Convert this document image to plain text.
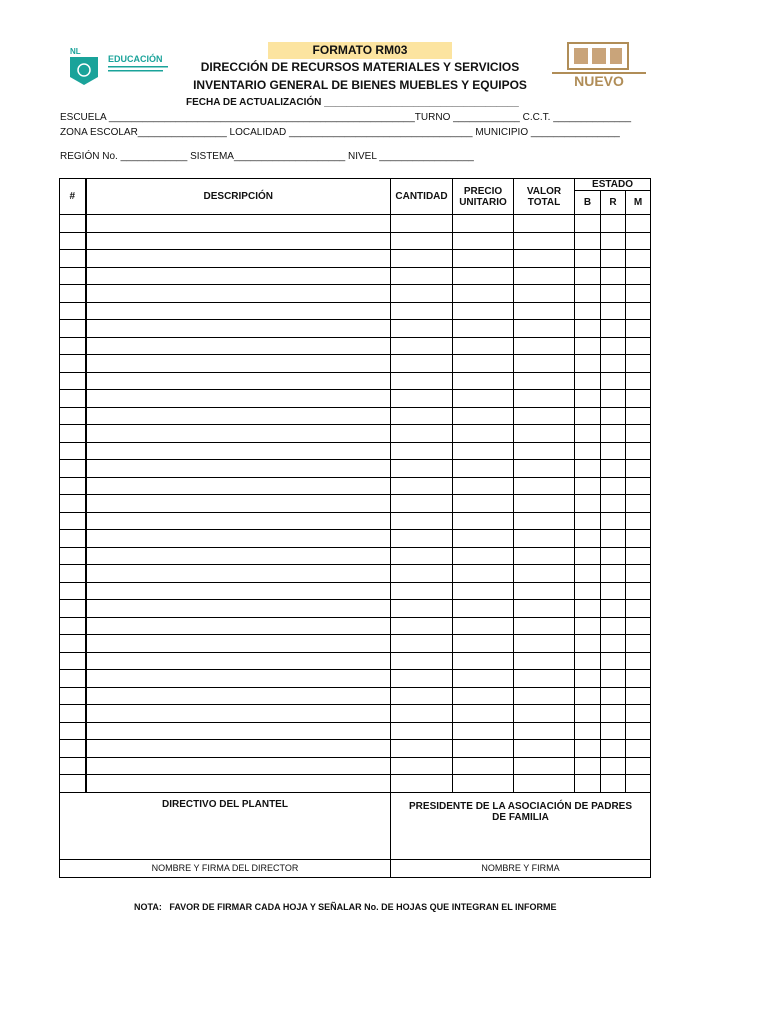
NL
EDUCACIÓN
FORMATO RM03
DIRECCIÓN DE RECURSOS MATERIALES Y SERVICIOS
INVENTARIO GENERAL DE BIENES MUEBLES Y EQUIPOS	NUEVO
FECHA DE ACTUALIZACIÓN ___________________________________
ESCUELA _______________________________________________________TURNO ____________ C.C.T. ______________
ZONA ESCOLAR________________ LOCALIDAD _________________________________ MUNICIPIO ________________
REGIÓN No. ____________ SISTEMA____________________ NIVEL _________________
#	DESCRIPCIÓN	CANTIDAD	PRECIO UNITARIO	VALOR TOTAL	ESTADO		
					B	R	M

DIRECTIVO DEL PLANTEL		PRESIDENTE DE LA ASOCIACIÓN DE PADRES DE FAMILIA					

NOMBRE Y FIRMA DEL DIRECTOR		NOMBRE Y FIRMA					
NOTA:   FAVOR DE FIRMAR CADA HOJA Y SEÑALAR No. DE HOJAS QUE INTEGRAN EL INFORME
